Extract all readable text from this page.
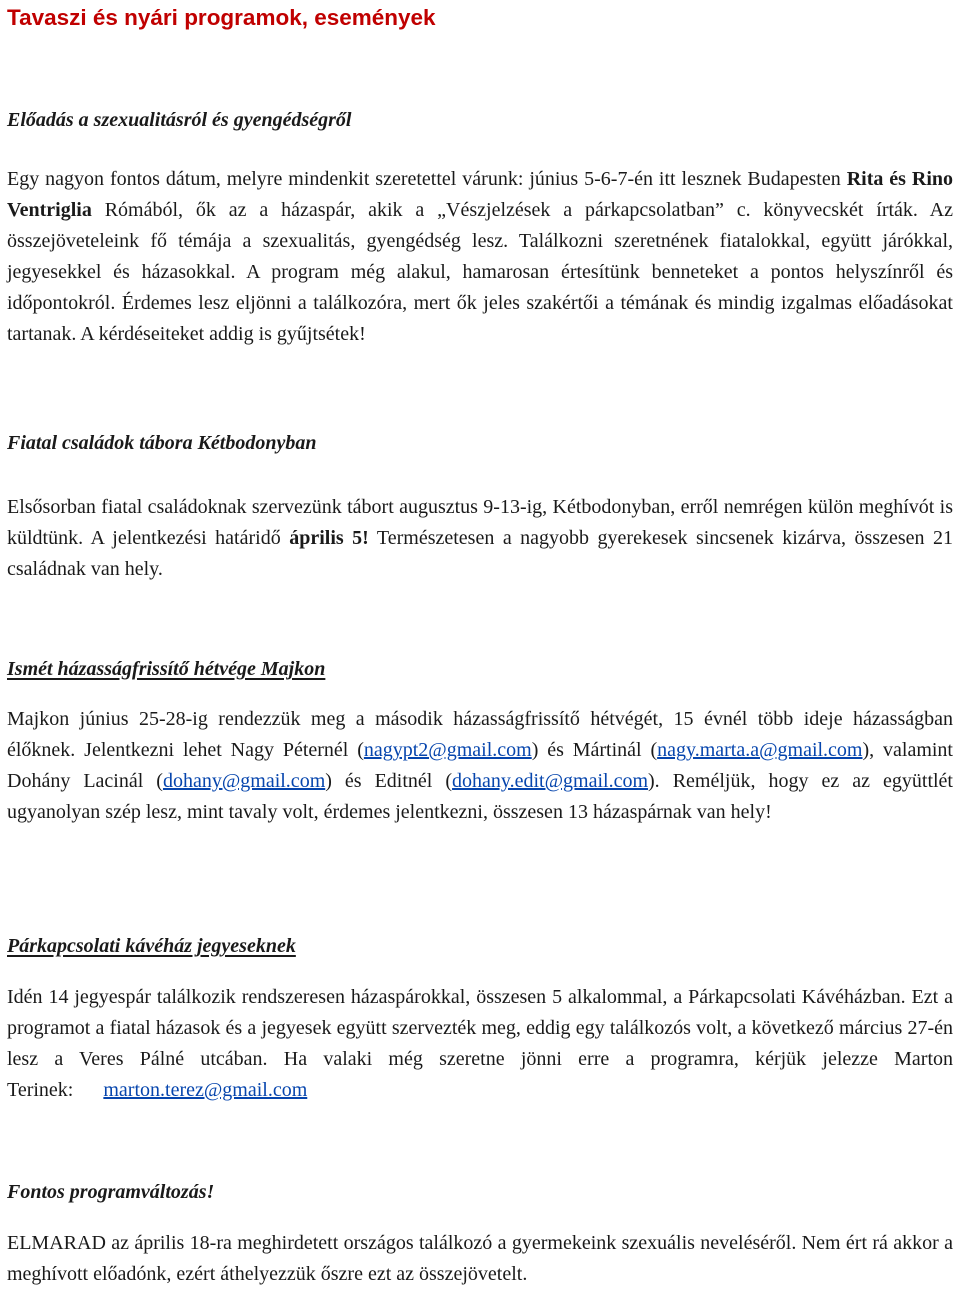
Tavaszi és nyári programok, események
Előadás a szexualitásról és gyengédségről

Egy nagyon fontos dátum, melyre mindenkit szeretettel várunk: június 5-6-7-én itt lesznek Budapesten Rita és Rino Ventriglia Rómából, ők az a házaspár, akik a „Vészjelzések a párkapcsolatban” c. könyvecskét írták. Az összejöveteleink fő témája a szexualitás, gyengédség lesz. Találkozni szeretnének fiatalokkal, együtt járókkal, jegyesekkel és házasokkal. A program még alakul, hamarosan értesítünk benneteket a pontos helyszínről és időpontokról. Érdemes lesz eljönni a találkozóra, mert ők jeles szakértői a témának és mindig izgalmas előadásokat tartanak. A kérdéseiteket addig is gyűjtsétek!

Fiatal családok tábora Kétbodonyban

Elsősorban fiatal családoknak szervezünk tábort augusztus 9-13-ig, Kétbodonyban, erről nemrégen külön meghívót is küldtünk. A jelentkezési határidő április 5! Természetesen a nagyobb gyerekesek sincsenek kizárva, összesen 21 családnak van hely.

Ismét házasságfrissítő hétvége Majkon

Majkon június 25-28-ig rendezzük meg a második házasságfrissítő hétvégét, 15 évnél több ideje házasságban élőknek. Jelentkezni lehet Nagy Péternél (nagypt2@gmail.com) és Mártinál (nagy.marta.a@gmail.com), valamint Dohány Lacinál (dohany@gmail.com) és Editnél (dohany.edit@gmail.com). Reméljük, hogy ez az együttlét ugyanolyan szép lesz, mint tavaly volt, érdemes jelentkezni, összesen 13 házaspárnak van hely!

Párkapcsolati kávéház jegyeseknek

Idén 14 jegyespár találkozik rendszeresen házaspárokkal, összesen 5 alkalommal, a Párkapcsolati Kávéházban. Ezt a programot a fiatal házasok és a jegyesek együtt szervezték meg, eddig egy találkozós volt, a következő március 27-én lesz a Veres Pálné utcában. Ha valaki még szeretne jönni erre a programra, kérjük jelezze Marton Terinek: marton.terez@gmail.com

Fontos programváltozás!

ELMARAD az április 18-ra meghirdetett országos találkozó a gyermekeink szexuális neveléséről. Nem ért rá akkor a meghívott előadónk, ezért áthelyezzük őszre ezt az összejövetelt.
